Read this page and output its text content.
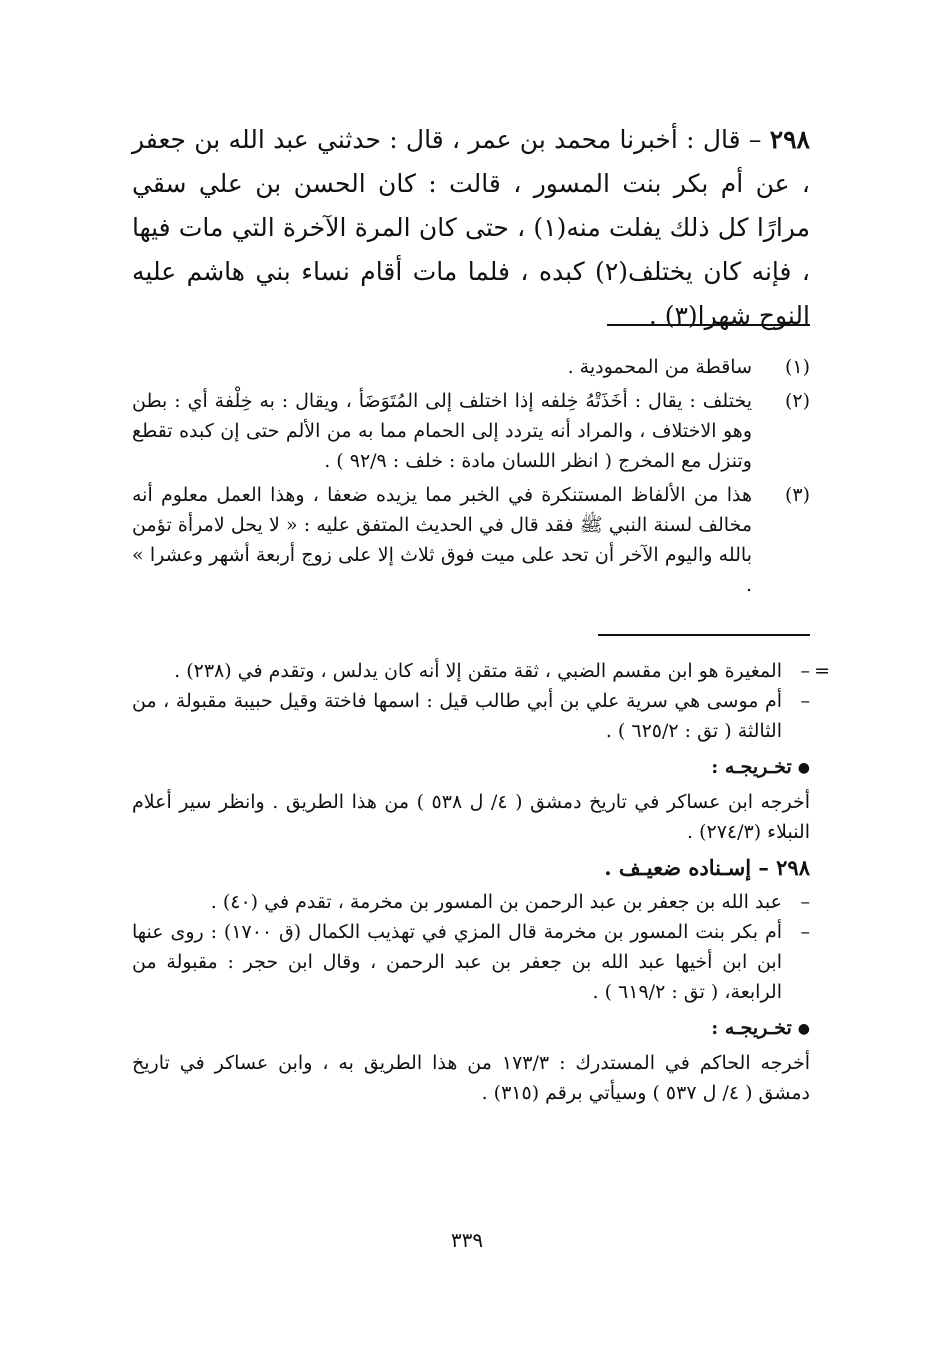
٢٩٨ – قال : أخبرنا محمد بن عمر ، قال : حدثني عبد الله بن جعفر ، عن أم بكر بنت المسور ، قالت : كان الحسن بن علي سقي مرارًا كل ذلك يفلت منه(١) ، حتى كان المرة الآخرة التي مات فيها ، فإنه كان يختلف(٢) كبده ، فلما مات أقام نساء بني هاشم عليه النوح شهرا(٣) .

(١)
ساقطة من المحمودية .
(٢)
يختلف : يقال : أخَذَتْهُ خِلفه إذا اختلف إلى المُتَوَضَأ ، ويقال : به خِلْفة أي : بطن وهو الاختلاف ، والمراد أنه يتردد إلى الحمام مما به من الألم حتى إن كبده تقطع وتنزل مع المخرج ( انظر اللسان مادة : خلف : ٩٢/٩ ) .
(٣)
هذا من الألفاظ المستنكرة في الخبر مما يزيده ضعفا ، وهذا العمل معلوم أنه مخالف لسنة النبي ﷺ فقد قال في الحديث المتفق عليه : « لا يحل لامرأة تؤمن بالله واليوم الآخر أن تحد على ميت فوق ثلاث إلا على زوج أربعة أشهر وعشرا » .
=
–
المغيرة هو ابن مقسم الضبي ، ثقة متقن إلا أنه كان يدلس ، وتقدم في (٢٣٨) .
–
أم موسى هي سرية علي بن أبي طالب قيل : اسمها فاختة وقيل حبيبة مقبولة ، من الثالثة ( تق : ٦٢٥/٢ ) .
●تخـريجـه :

أخرجه ابن عساكر في تاريخ دمشق ( ٤/ ل ٥٣٨ ) من هذا الطريق . وانظر سير أعلام النبلاء (٢٧٤/٣) .

٢٩٨ – إسـناده ضعيـف .
–
عبد الله بن جعفر بن عبد الرحمن بن المسور بن مخرمة ، تقدم في (٤٠) .
–
أم بكر بنت المسور بن مخرمة قال المزي في تهذيب الكمال (ق ١٧٠٠) : روى عنها ابن ابن أخيها عبد الله بن جعفر بن عبد الرحمن ، وقال ابن حجر : مقبولة من الرابعة، ( تق : ٦١٩/٢ ) .
●تخـريجـه :

أخرجه الحاكم في المستدرك : ١٧٣/٣ من هذا الطريق به ، وابن عساكر في تاريخ دمشق ( ٤/ ل ٥٣٧ ) وسيأتي برقم (٣١٥) .

٣٣٩
